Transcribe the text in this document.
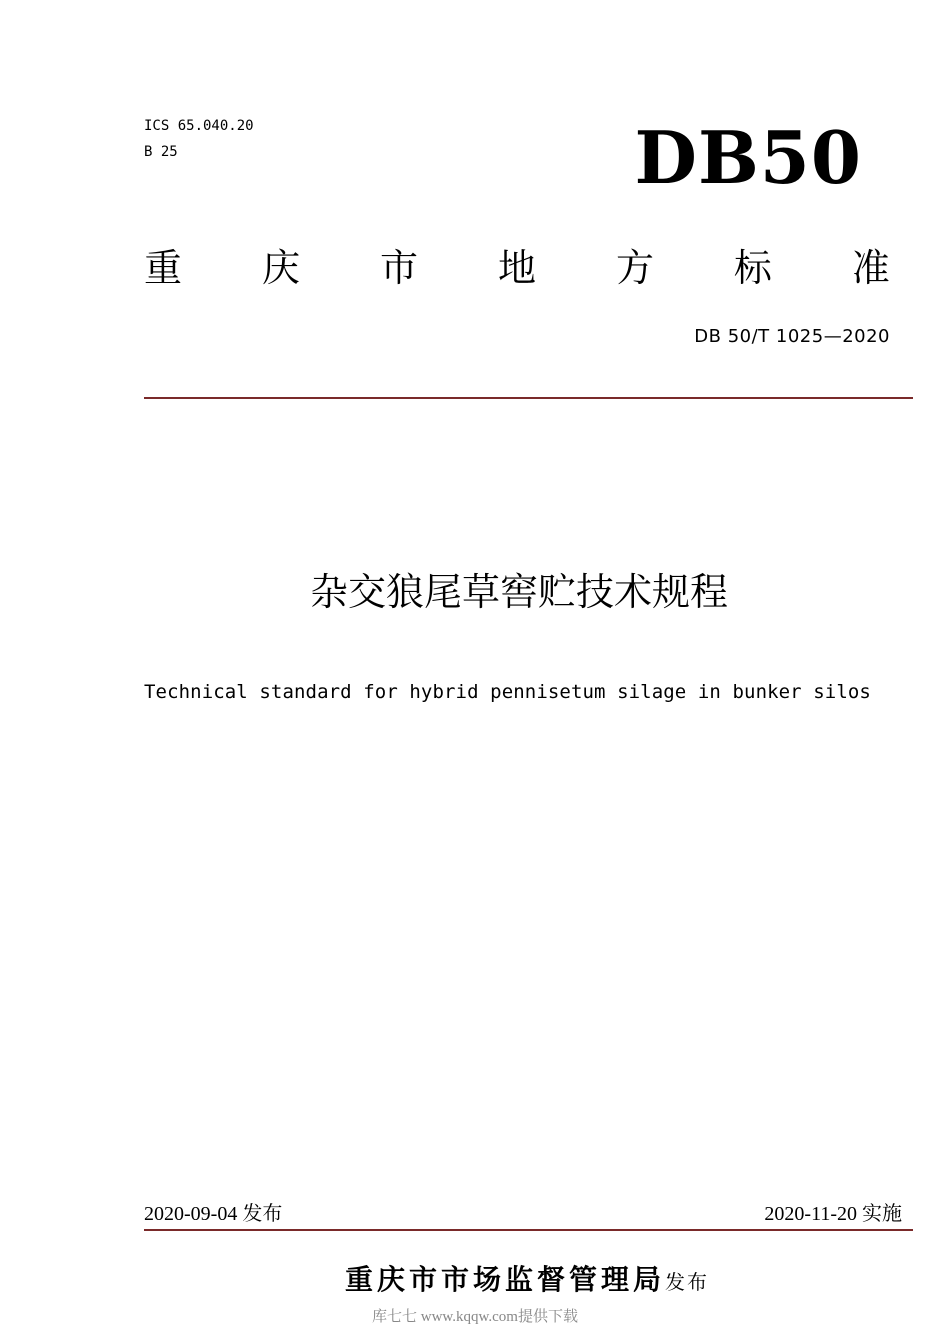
ICS 65.040.20
B 25	DB50
重 庆 市 地 方 标 准
DB 50/T 1025—2020
杂交狼尾草窖贮技术规程
Technical standard for hybrid pennisetum silage in bunker silos
2020-09-04 发布	2020-11-20 实施
重庆市市场监督管理局发布
库七七 www.kqqw.com提供下载
